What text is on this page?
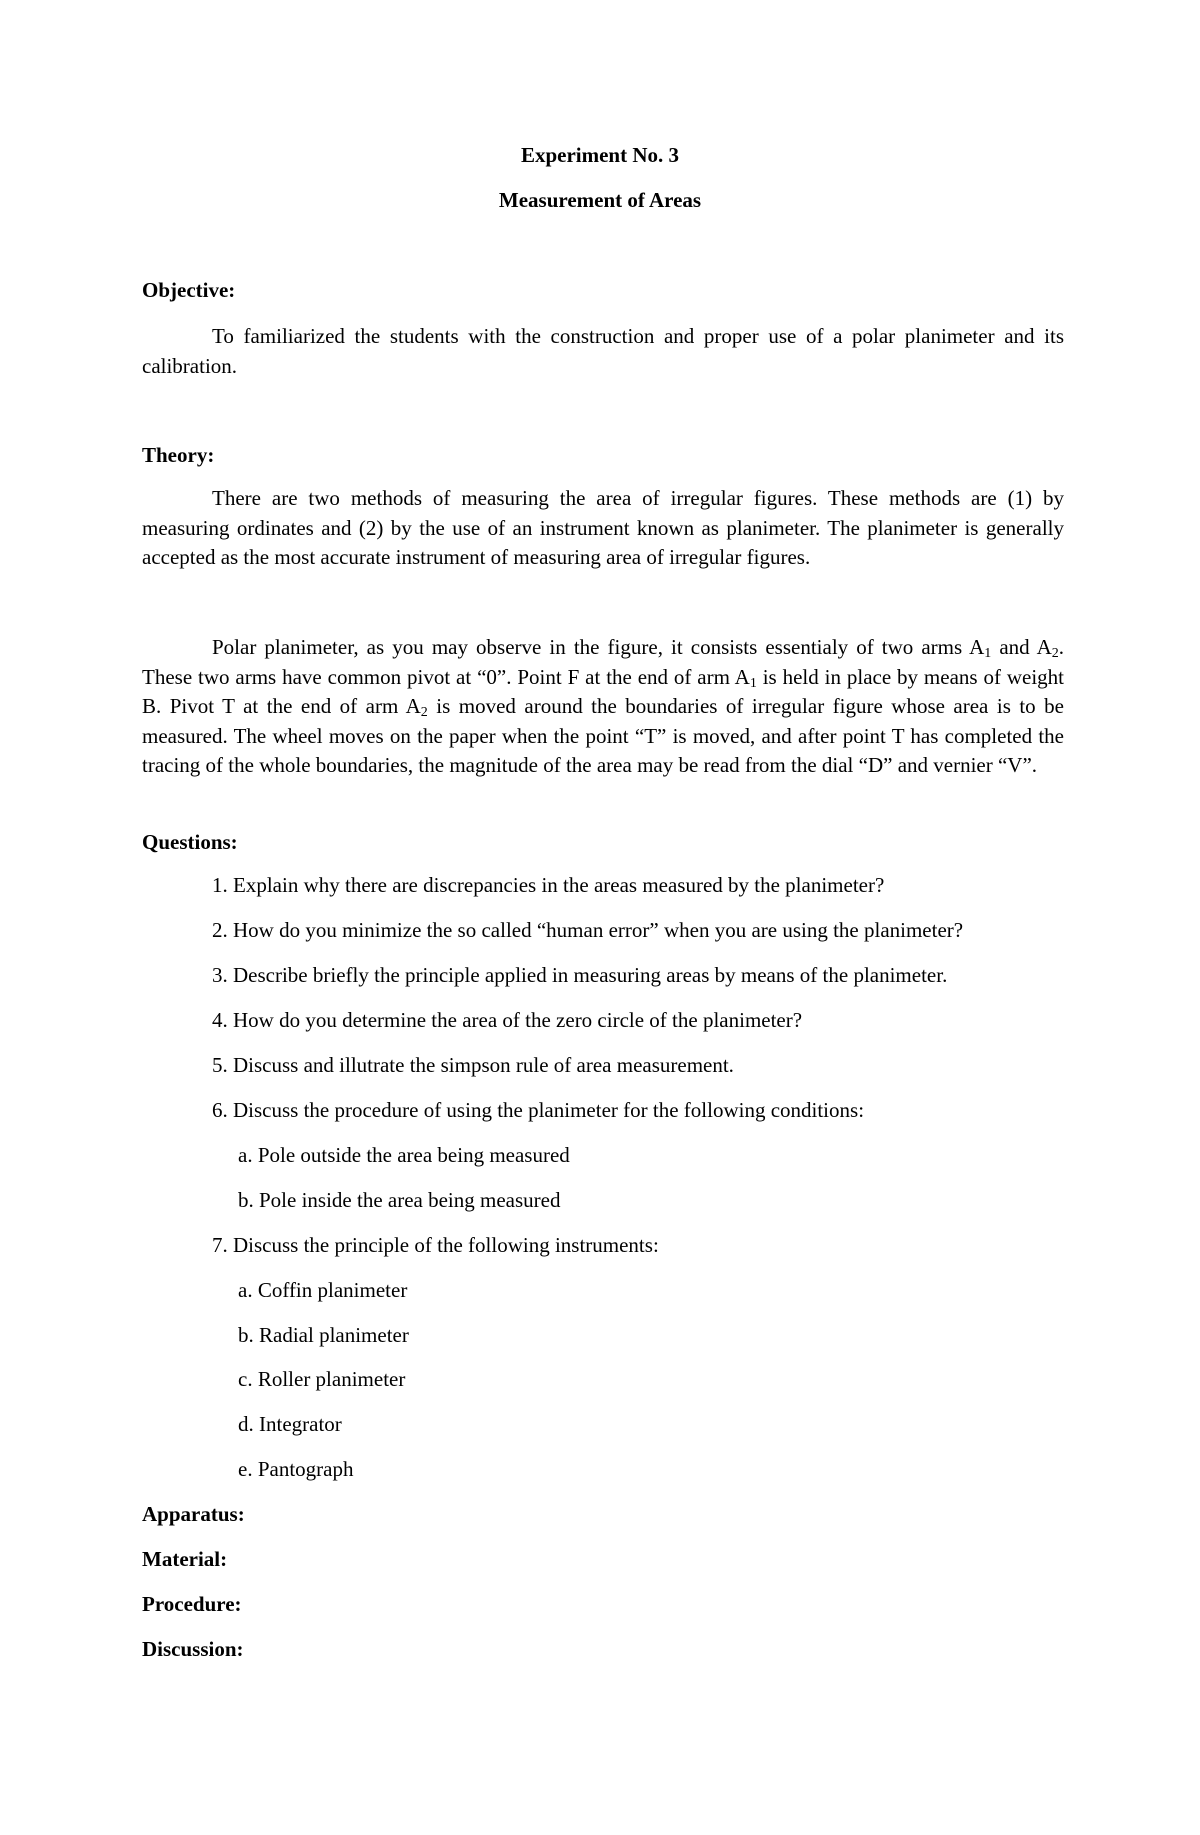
Experiment No. 3
Measurement of Areas
Objective:

To familiarized the students with the construction and proper use of a polar planimeter and its calibration.

Theory:

There are two methods of measuring the area of irregular figures. These methods are (1) by measuring ordinates and (2) by the use of an instrument known as planimeter. The planimeter is generally accepted as the most accurate instrument of measuring area of irregular figures.

Polar planimeter, as you may observe in the figure, it consists essentialy of two arms $A_1$ and $A_2$. These two arms have common pivot at “0”. Point F at the end of arm $A_1$ is held in place by means of weight B. Pivot T at the end of arm $A_2$ is moved around the boundaries of irregular figure whose area is to be measured. The wheel moves on the paper when the point “T” is moved, and after point T has completed the tracing of the whole boundaries, the magnitude of the area may be read from the dial “D” and vernier “V”.

Questions:
1. Explain why there are discrepancies in the areas measured by the planimeter?
2. How do you minimize the so called “human error” when you are using the planimeter?
3. Describe briefly the principle applied in measuring areas by means of the planimeter.
4. How do you determine the area of the zero circle of the planimeter?
5. Discuss and illutrate the simpson rule of area measurement.
6. Discuss the procedure of using the planimeter for the following conditions:
a. Pole outside the area being measured
b. Pole inside the area being measured
7. Discuss the principle of the following instruments:
a. Coffin planimeter
b. Radial planimeter
c. Roller planimeter
d. Integrator
e. Pantograph
Apparatus:
Material:
Procedure:
Discussion:
